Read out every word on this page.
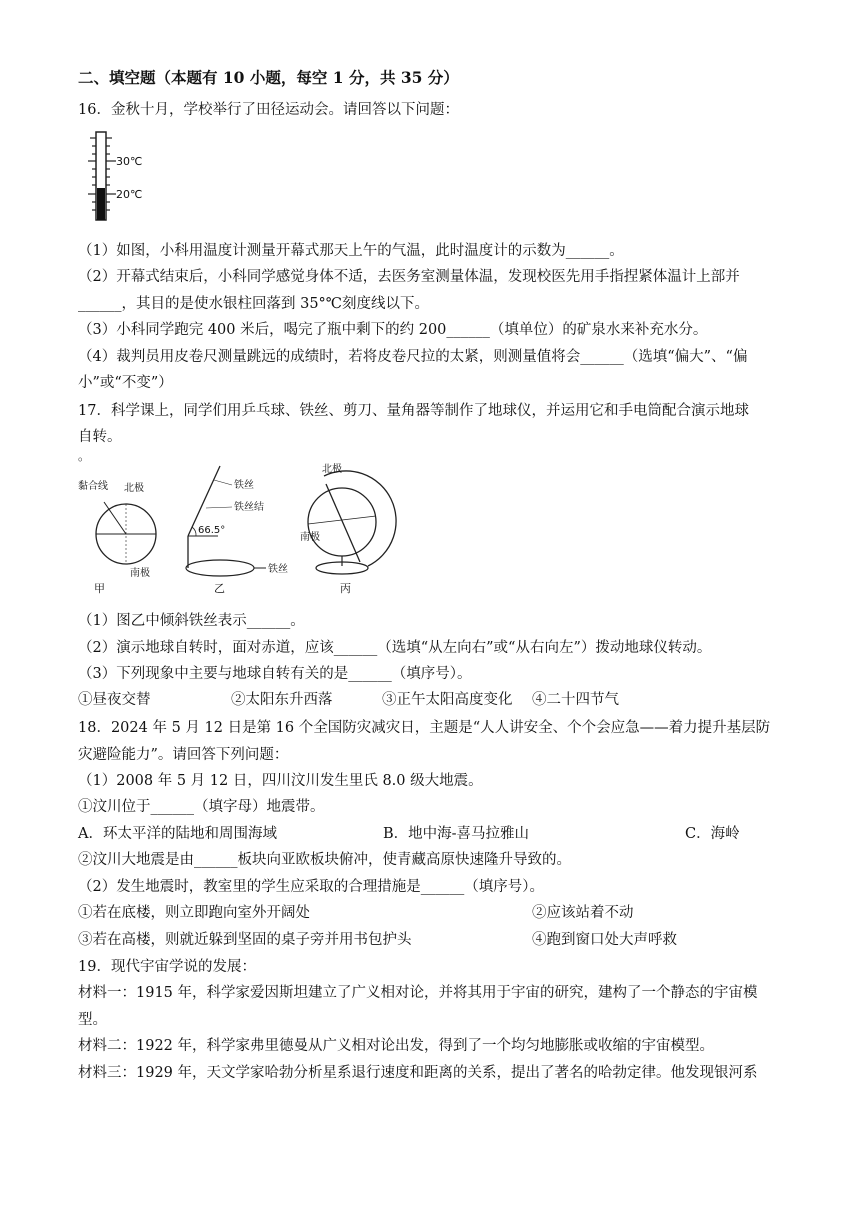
二、填空题（本题有 10 小题，每空 1 分，共 35 分）
16．金秋十月，学校举行了田径运动会。请回答以下问题：
30℃
20℃
（1）如图，小科用温度计测量开幕式那天上午的气温，此时温度计的示数为______。
（2）开幕式结束后，小科同学感觉身体不适，去医务室测量体温，发现校医先用手指捏紧体温计上部并
______，其目的是使水银柱回落到 35°℃刻度线以下。
（3）小科同学跑完 400 米后，喝完了瓶中剩下的约 200______（填单位）的矿泉水来补充水分。
（4）裁判员用皮卷尺测量跳远的成绩时，若将皮卷尺拉的太紧，则测量值将会______（选填“偏大”、“偏
小”或“不变”）
17．科学课上，同学们用乒乓球、铁丝、剪刀、量角器等制作了地球仪，并运用它和手电筒配合演示地球
自转。
。
黏合线 北极
南极
甲
铁丝
铁丝结
66.5°
铁丝
乙
北极
南极
丙
（1）图乙中倾斜铁丝表示______。
（2）演示地球自转时，面对赤道，应该______（选填“从左向右”或“从右向左”）拨动地球仪转动。
（3）下列现象中主要与地球自转有关的是______（填序号）。
①昼夜交替	②太阳东升西落	③正午太阳高度变化 ④二十四节气
18．2024 年 5 月 12 日是第 16 个全国防灾减灾日，主题是“人人讲安全、个个会应急——着力提升基层防
灾避险能力”。请回答下列问题：
（1）2008 年 5 月 12 日，四川汶川发生里氏 8.0 级大地震。
①汶川位于______（填字母）地震带。
A．环太平洋的陆地和周围海域	B．地中海-喜马拉雅山	C．海岭
②汶川大地震是由______板块向亚欧板块俯冲，使青藏高原快速隆升导致的。
（2）发生地震时，教室里的学生应采取的合理措施是______（填序号）。
①若在底楼，则立即跑向室外开阔处	②应该站着不动
③若在高楼，则就近躲到坚固的桌子旁并用书包护头	④跑到窗口处大声呼救
19．现代宇宙学说的发展：
材料一：1915 年，科学家爱因斯坦建立了广义相对论，并将其用于宇宙的研究，建构了一个静态的宇宙模
型。
材料二：1922 年，科学家弗里德曼从广义相对论出发，得到了一个均匀地膨胀或收缩的宇宙模型。
材料三：1929 年，天文学家哈勃分析星系退行速度和距离的关系，提出了著名的哈勃定律。他发现银河系
